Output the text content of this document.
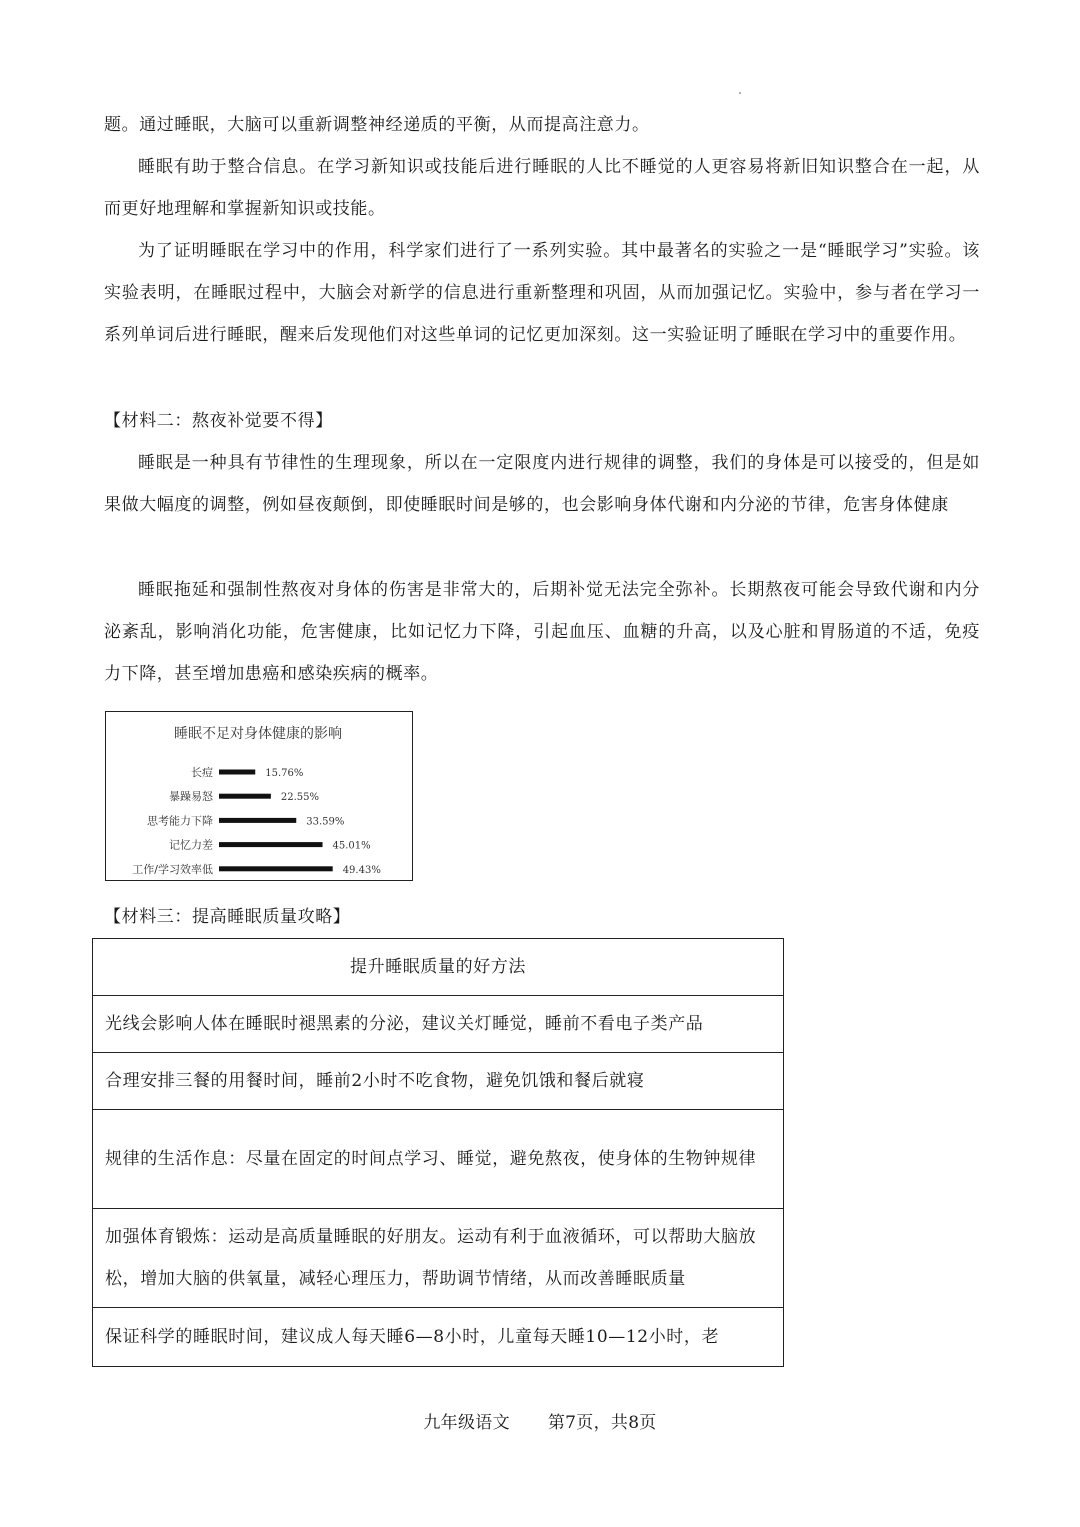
题。通过睡眠，大脑可以重新调整神经递质的平衡，从而提高注意力。

睡眠有助于整合信息。在学习新知识或技能后进行睡眠的人比不睡觉的人更容易将新旧知识整合在一起，从而更好地理解和掌握新知识或技能。

为了证明睡眠在学习中的作用，科学家们进行了一系列实验。其中最著名的实验之一是“睡眠学习”实验。该实验表明，在睡眠过程中，大脑会对新学的信息进行重新整理和巩固，从而加强记忆。实验中，参与者在学习一系列单词后进行睡眠，醒来后发现他们对这些单词的记忆更加深刻。这一实验证明了睡眠在学习中的重要作用。

【材料二：熬夜补觉要不得】

睡眠是一种具有节律性的生理现象，所以在一定限度内进行规律的调整，我们的身体是可以接受的，但是如果做大幅度的调整，例如昼夜颠倒，即使睡眠时间是够的，也会影响身体代谢和内分泌的节律，危害身体健康

睡眠拖延和强制性熬夜对身体的伤害是非常大的，后期补觉无法完全弥补。长期熬夜可能会导致代谢和内分泌紊乱，影响消化功能，危害健康，比如记忆力下降，引起血压、血糖的升高，以及心脏和胃肠道的不适，免疫力下降，甚至增加患癌和感染疾病的概率。

睡眠不足对身体健康的影响
长痘	15.76%
暴躁易怒	22.55%
思考能力下降	33.59%
记忆力差	45.01%
工作/学习效率低	49.43%
【材料三：提高睡眠质量攻略】
提升睡眠质量的好方法
光线会影响人体在睡眠时褪黑素的分泌，建议关灯睡觉，睡前不看电子类产品
合理安排三餐的用餐时间，睡前2小时不吃食物，避免饥饿和餐后就寝
规律的生活作息：尽量在固定的时间点学习、睡觉，避免熬夜，使身体的生物钟规律
加强体育锻炼：运动是高质量睡眠的好朋友。运动有利于血液循环，可以帮助大脑放松，增加大脑的供氧量，减轻心理压力，帮助调节情绪，从而改善睡眠质量
保证科学的睡眠时间，建议成人每天睡6—8小时，儿童每天睡10—12小时，老
九年级语文 第7页，共8页
